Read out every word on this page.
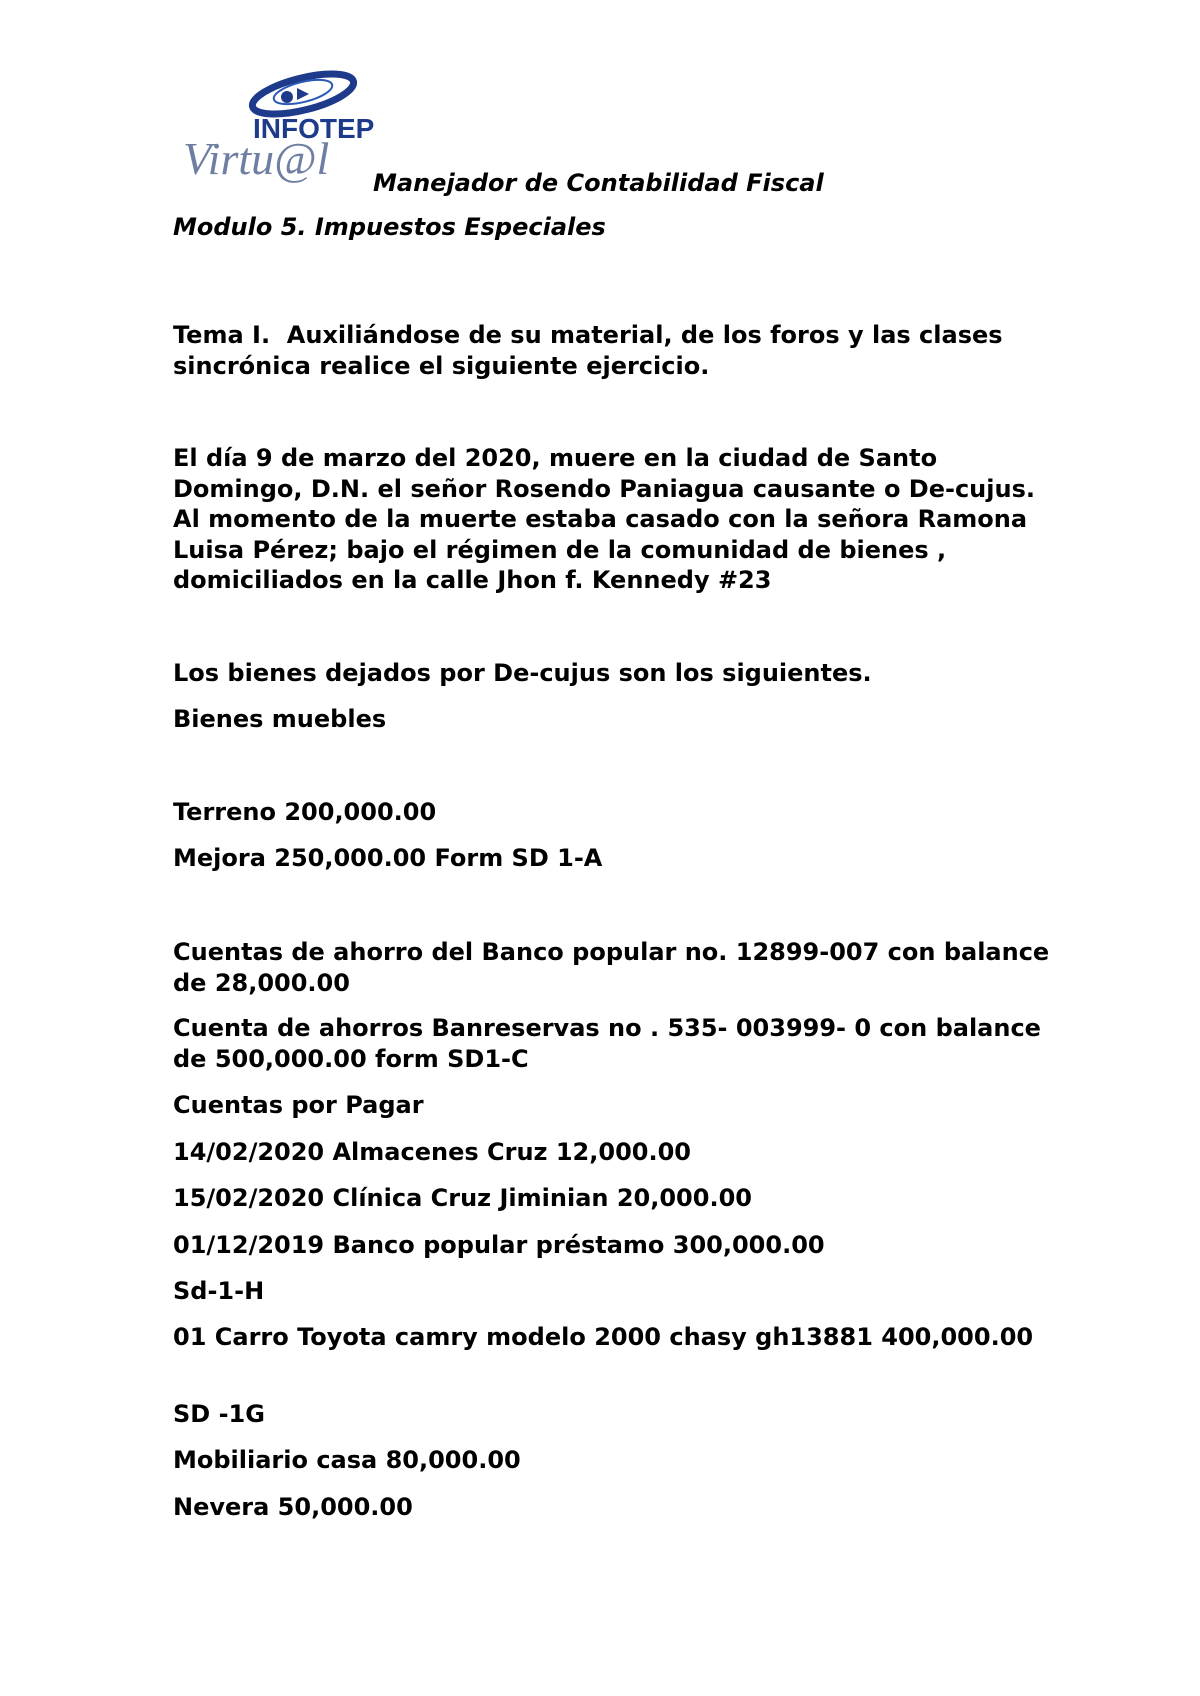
INFOTEP
Virtu@l Manejador de Contabilidad Fiscal

Modulo 5. Impuestos Especiales

Tema I.  Auxiliándose de su material, de los foros y las clases sincrónica realice el siguiente ejercicio.

El día 9 de marzo del 2020, muere en la ciudad de Santo Domingo, D.N. el señor Rosendo Paniagua causante o De-cujus. Al momento de la muerte estaba casado con la señora Ramona Luisa Pérez; bajo el régimen de la comunidad de bienes , domiciliados en la calle Jhon f. Kennedy #23

Los bienes dejados por De-cujus son los siguientes.

Bienes muebles

Terreno 200,000.00

Mejora 250,000.00 Form SD 1-A

Cuentas de ahorro del Banco popular no. 12899-007 con balance de 28,000.00

Cuenta de ahorros Banreservas no . 535- 003999- 0 con balance de 500,000.00 form SD1-C

Cuentas por Pagar

14/02/2020 Almacenes Cruz 12,000.00

15/02/2020 Clínica Cruz Jiminian 20,000.00

01/12/2019 Banco popular préstamo 300,000.00

Sd-1-H

01 Carro Toyota camry modelo 2000 chasy gh13881 400,000.00

SD -1G

Mobiliario casa 80,000.00

Nevera 50,000.00
